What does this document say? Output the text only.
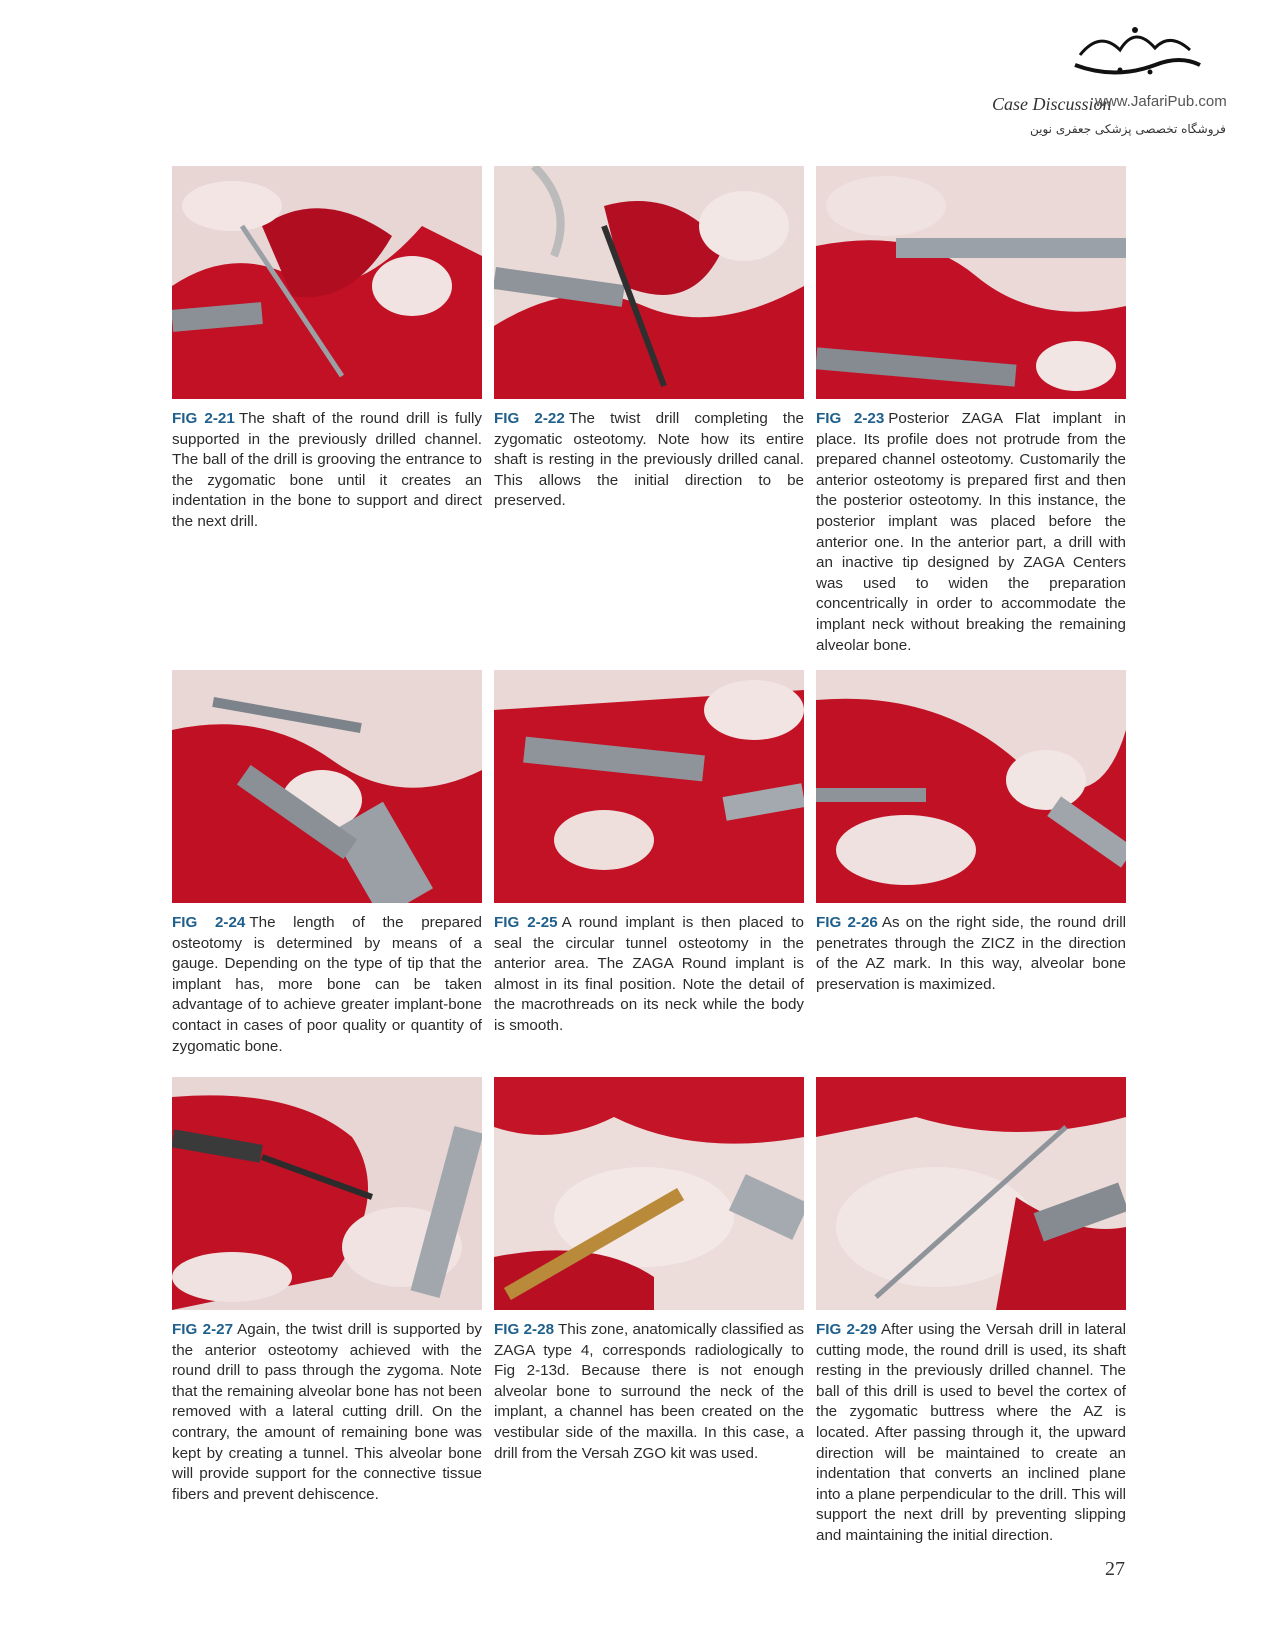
Case Discussion
www.JafariPub.com
فروشگاه تخصصی پزشکی جعفری نوین
FIG 2-21 The shaft of the round drill is fully supported in the previously drilled channel. The ball of the drill is grooving the entrance to the zygomatic bone until it creates an indentation in the bone to support and direct the next drill.
FIG 2-22 The twist drill completing the zygomatic osteotomy. Note how its entire shaft is resting in the previously drilled canal. This allows the initial direction to be preserved.
FIG 2-23 Posterior ZAGA Flat implant in place. Its profile does not protrude from the prepared channel osteotomy. Customarily the anterior osteotomy is prepared first and then the posterior osteotomy. In this instance, the posterior implant was placed before the anterior one. In the anterior part, a drill with an inactive tip designed by ZAGA Centers was used to widen the preparation concentrically in order to accommodate the implant neck without breaking the remaining alveolar bone.
FIG 2-24 The length of the prepared osteotomy is determined by means of a gauge. Depending on the type of tip that the implant has, more bone can be taken advantage of to achieve greater implant-bone contact in cases of poor quality or quantity of zygomatic bone.
FIG 2-25 A round implant is then placed to seal the circular tunnel osteotomy in the anterior area. The ZAGA Round implant is almost in its final position. Note the detail of the macrothreads on its neck while the body is smooth.
FIG 2-26 As on the right side, the round drill penetrates through the ZICZ in the direction of the AZ mark. In this way, alveolar bone preservation is maximized.
FIG 2-27 Again, the twist drill is supported by the anterior osteotomy achieved with the round drill to pass through the zygoma. Note that the remaining alveolar bone has not been removed with a lateral cutting drill. On the contrary, the amount of remaining bone was kept by creating a tunnel. This alveolar bone will provide support for the connective tissue fibers and prevent dehiscence.
FIG 2-28 This zone, anatomically classified as ZAGA type 4, corresponds radiologically to Fig 2-13d. Because there is not enough alveolar bone to surround the neck of the implant, a channel has been created on the vestibular side of the maxilla. In this case, a drill from the Versah ZGO kit was used.
FIG 2-29 After using the Versah drill in lateral cutting mode, the round drill is used, its shaft resting in the previously drilled channel. The ball of this drill is used to bevel the cortex of the zygomatic buttress where the AZ is located. After passing through it, the upward direction will be maintained to create an indentation that converts an inclined plane into a plane perpendicular to the drill. This will support the next drill by preventing slipping and maintaining the initial direction.
27
